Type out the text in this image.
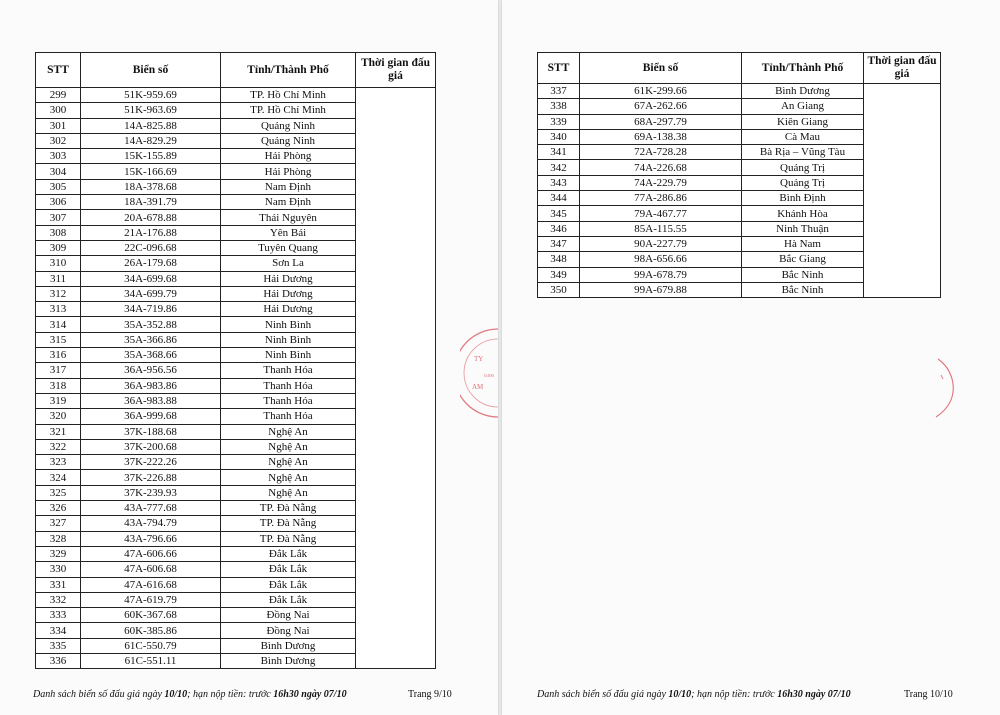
STT	Biển số	Tỉnh/Thành Phố	Thời gian đấu giá
299	51K-959.69	TP. Hồ Chí Minh	
300	51K-963.69	TP. Hồ Chí Minh	
301	14A-825.88	Quảng Ninh	
302	14A-829.29	Quảng Ninh	
303	15K-155.89	Hải Phòng	
304	15K-166.69	Hải Phòng	
305	18A-378.68	Nam Định	
306	18A-391.79	Nam Định	
307	20A-678.88	Thái Nguyên	
308	21A-176.88	Yên Bái	
309	22C-096.68	Tuyên Quang	
310	26A-179.68	Sơn La	
311	34A-699.68	Hải Dương	
312	34A-699.79	Hải Dương	
313	34A-719.86	Hải Dương	
314	35A-352.88	Ninh Bình	
315	35A-366.86	Ninh Bình	
316	35A-368.66	Ninh Bình	
317	36A-956.56	Thanh Hóa	
318	36A-983.86	Thanh Hóa	
319	36A-983.88	Thanh Hóa	
320	36A-999.68	Thanh Hóa	
321	37K-188.68	Nghệ An	
322	37K-200.68	Nghệ An	
323	37K-222.26	Nghệ An	
324	37K-226.88	Nghệ An	
325	37K-239.93	Nghệ An	
326	43A-777.68	TP. Đà Nẵng	
327	43A-794.79	TP. Đà Nẵng	
328	43A-796.66	TP. Đà Nẵng	
329	47A-606.66	Đắk Lắk	
330	47A-606.68	Đắk Lắk	
331	47A-616.68	Đắk Lắk	
332	47A-619.79	Đắk Lắk	
333	60K-367.68	Đồng Nai	
334	60K-385.86	Đồng Nai	
335	61C-550.79	Bình Dương	
336	61C-551.11	Bình Dương	
Danh sách biển số đấu giá ngày 10/10; hạn nộp tiền: trước 16h30 ngày 07/10	Trang 9/10
TY
0306
AM
STT	Biển số	Tỉnh/Thành Phố	Thời gian đấu giá
337	61K-299.66	Bình Dương	
338	67A-262.66	An Giang	
339	68A-297.79	Kiên Giang	
340	69A-138.38	Cà Mau	
341	72A-728.28	Bà Rịa – Vũng Tàu	
342	74A-226.68	Quảng Trị	
343	74A-229.79	Quảng Trị	
344	77A-286.86	Bình Định	
345	79A-467.77	Khánh Hòa	
346	85A-115.55	Ninh Thuận	
347	90A-227.79	Hà Nam	
348	98A-656.66	Bắc Giang	
349	99A-678.79	Bắc Ninh	
350	99A-679.88	Bắc Ninh	
Danh sách biển số đấu giá ngày 10/10; hạn nộp tiền: trước 16h30 ngày 07/10	Trang 10/10
